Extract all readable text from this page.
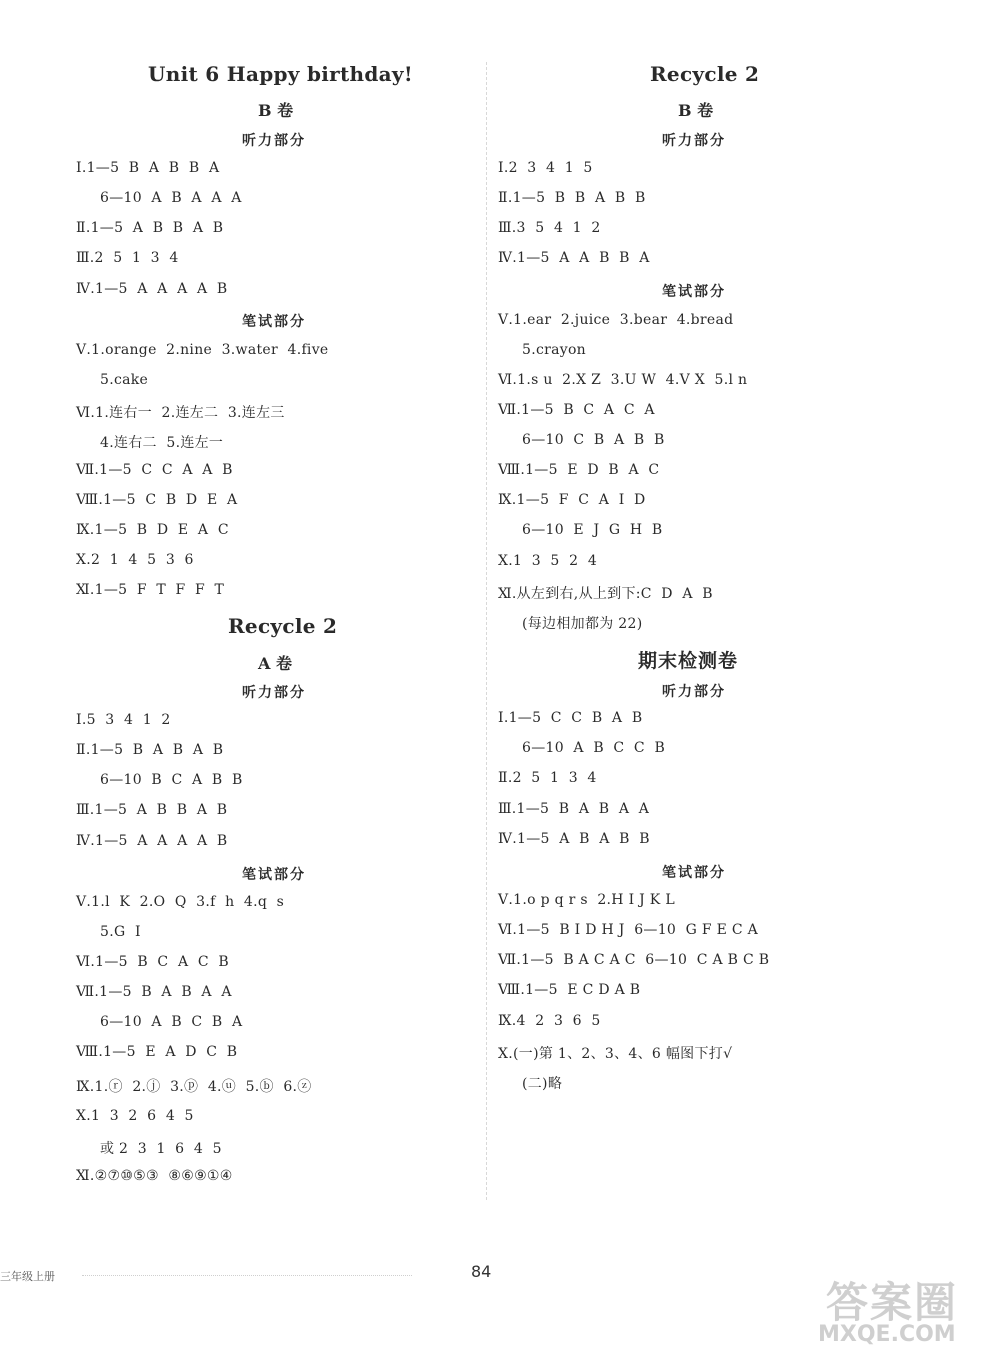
Unit 6 Happy birthday!
B 卷
听力部分
Ⅰ.1—5  B  A  B  B  A
6—10  A  B  A  A  A
Ⅱ.1—5  A  B  B  A  B
Ⅲ.2  5  1  3  4
Ⅳ.1—5  A  A  A  A  B
笔试部分
Ⅴ.1.orange  2.nine  3.water  4.five
5.cake
Ⅵ.1.连右一  2.连左二  3.连左三
4.连右二  5.连左一
Ⅶ.1—5  C  C  A  A  B
Ⅷ.1—5  C  B  D  E  A
Ⅸ.1—5  B  D  E  A  C
Ⅹ.2  1  4  5  3  6
Ⅺ.1—5  F  T  F  F  T
Recycle 2
A 卷
听力部分
Ⅰ.5  3  4  1  2
Ⅱ.1—5  B  A  B  A  B
6—10  B  C  A  B  B
Ⅲ.1—5  A  B  B  A  B
Ⅳ.1—5  A  A  A  A  B
笔试部分
Ⅴ.1.l  K  2.O  Q  3.f  h  4.q  s
5.G  I
Ⅵ.1—5  B  C  A  C  B
Ⅶ.1—5  B  A  B  A  A
6—10  A  B  C  B  A
Ⅷ.1—5  E  A  D  C  B
Ⅸ.1.ⓡ  2.ⓙ  3.ⓟ  4.ⓤ  5.ⓑ  6.ⓩ
Ⅹ.1  3  2  6  4  5
或 2  3  1  6  4  5
Ⅺ.②⑦⑩⑤③  ⑧⑥⑨①④
Recycle 2
B 卷
听力部分
Ⅰ.2  3  4  1  5
Ⅱ.1—5  B  B  A  B  B
Ⅲ.3  5  4  1  2
Ⅳ.1—5  A  A  B  B  A
笔试部分
Ⅴ.1.ear  2.juice  3.bear  4.bread
5.crayon
Ⅵ.1.s u  2.X Z  3.U W  4.V X  5.l n
Ⅶ.1—5  B  C  A  C  A
6—10  C  B  A  B  B
Ⅷ.1—5  E  D  B  A  C
Ⅸ.1—5  F  C  A  I  D
6—10  E  J  G  H  B
Ⅹ.1  3  5  2  4
Ⅺ.从左到右,从上到下:C  D  A  B
(每边相加都为 22)
期末检测卷
听力部分
Ⅰ.1—5  C  C  B  A  B
6—10  A  B  C  C  B
Ⅱ.2  5  1  3  4
Ⅲ.1—5  B  A  B  A  A
Ⅳ.1—5  A  B  A  B  B
笔试部分
Ⅴ.1.o p q r s  2.H I J K L
Ⅵ.1—5  B I D H J  6—10  G F E C A
Ⅶ.1—5  B A C A C  6—10  C A B C B
Ⅷ.1—5  E C D A B
Ⅸ.4  2  3  6  5
Ⅹ.(一)第 1、2、3、4、6 幅图下打√
(二)略
三年级上册	84
答案圈
MXQE.COM
